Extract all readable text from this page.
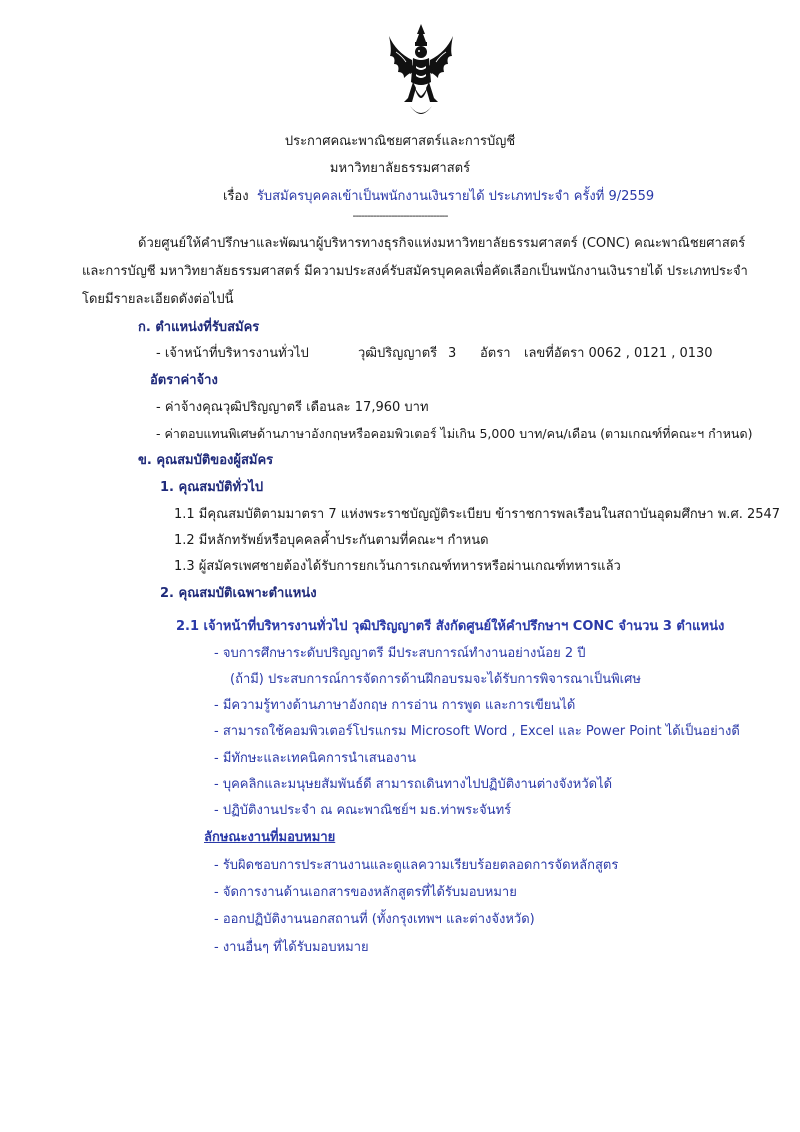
ประกาศคณะพาณิชยศาสตร์และการบัญชี
มหาวิทยาลัยธรรมศาสตร์
เรื่อง รับสมัครบุคคลเข้าเป็นพนักงานเงินรายได้ ประเภทประจำ ครั้งที่ 9/2559
--------------------------------
ด้วยศูนย์ให้คำปรึกษาและพัฒนาผู้บริหารทางธุรกิจแห่งมหาวิทยาลัยธรรมศาสตร์ (CONC) คณะพาณิชยศาสตร์
และการบัญชี มหาวิทยาลัยธรรมศาสตร์ มีความประสงค์รับสมัครบุคคลเพื่อคัดเลือกเป็นพนักงานเงินรายได้ ประเภทประจำ
โดยมีรายละเอียดดังต่อไปนี้
ก. ตำแหน่งที่รับสมัคร
- เจ้าหน้าที่บริหารงานทั่วไป	วุฒิปริญญาตรี 3 อัตรา เลขที่อัตรา 0062 , 0121 , 0130
อัตราค่าจ้าง
- ค่าจ้างคุณวุฒิปริญญาตรี เดือนละ 17,960 บาท
- ค่าตอบแทนพิเศษด้านภาษาอังกฤษหรือคอมพิวเตอร์ ไม่เกิน 5,000 บาท/คน/เดือน (ตามเกณฑ์ที่คณะฯ กำหนด)
ข. คุณสมบัติของผู้สมัคร
1. คุณสมบัติทั่วไป
1.1 มีคุณสมบัติตามมาตรา 7 แห่งพระราชบัญญัติระเบียบ ข้าราชการพลเรือนในสถาบันอุดมศึกษา พ.ศ. 2547
1.2 มีหลักทรัพย์หรือบุคคลค้ำประกันตามที่คณะฯ กำหนด
1.3 ผู้สมัครเพศชายต้องได้รับการยกเว้นการเกณฑ์ทหารหรือผ่านเกณฑ์ทหารแล้ว
2. คุณสมบัติเฉพาะตำแหน่ง
2.1 เจ้าหน้าที่บริหารงานทั่วไป วุฒิปริญญาตรี สังกัดศูนย์ให้คำปรึกษาฯ CONC จำนวน 3 ตำแหน่ง
- จบการศึกษาระดับปริญญาตรี มีประสบการณ์ทำงานอย่างน้อย 2 ปี
(ถ้ามี) ประสบการณ์การจัดการด้านฝึกอบรมจะได้รับการพิจารณาเป็นพิเศษ
- มีความรู้ทางด้านภาษาอังกฤษ การอ่าน การพูด และการเขียนได้
- สามารถใช้คอมพิวเตอร์โปรแกรม Microsoft Word , Excel และ Power Point ได้เป็นอย่างดี
- มีทักษะและเทคนิคการนำเสนองาน
- บุคคลิกและมนุษยสัมพันธ์ดี สามารถเดินทางไปปฏิบัติงานต่างจังหวัดได้
- ปฏิบัติงานประจำ ณ คณะพาณิชย์ฯ มธ.ท่าพระจันทร์
ลักษณะงานที่มอบหมาย
- รับผิดชอบการประสานงานและดูแลความเรียบร้อยตลอดการจัดหลักสูตร
- จัดการงานด้านเอกสารของหลักสูตรที่ได้รับมอบหมาย
- ออกปฏิบัติงานนอกสถานที่ (ทั้งกรุงเทพฯ และต่างจังหวัด)
- งานอื่นๆ ที่ได้รับมอบหมาย
